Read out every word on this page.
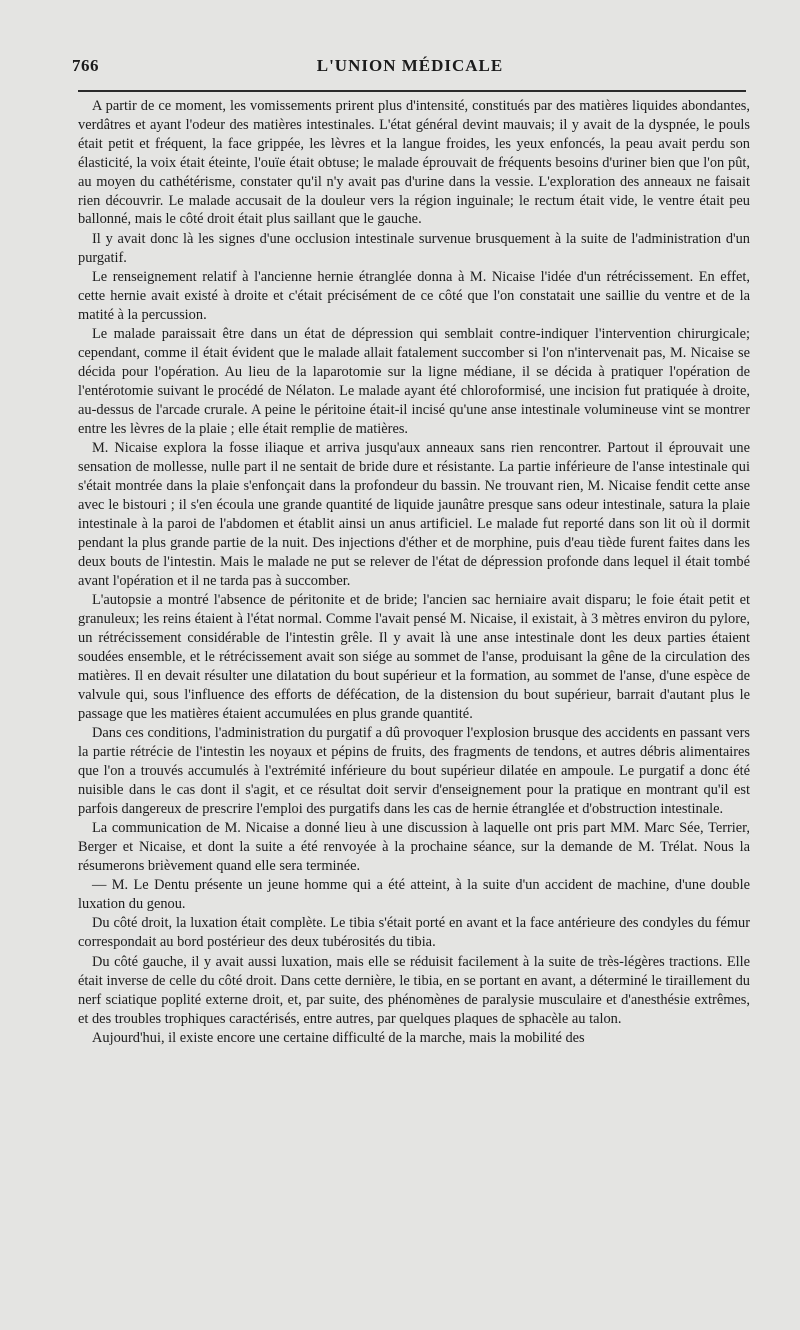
766	L'UNION MÉDICALE

A partir de ce moment, les vomissements prirent plus d'intensité, constitués par des matières liquides abondantes, verdâtres et ayant l'odeur des matières intestinales. L'état général devint mauvais; il y avait de la dyspnée, le pouls était petit et fréquent, la face grippée, les lèvres et la langue froides, les yeux enfoncés, la peau avait perdu son élasticité, la voix était éteinte, l'ouïe était obtuse; le malade éprouvait de fréquents besoins d'uriner bien que l'on pût, au moyen du cathétérisme, constater qu'il n'y avait pas d'urine dans la vessie. L'exploration des anneaux ne faisait rien découvrir. Le malade accusait de la douleur vers la région inguinale; le rectum était vide, le ventre était peu ballonné, mais le côté droit était plus saillant que le gauche.

Il y avait donc là les signes d'une occlusion intestinale survenue brusquement à la suite de l'administration d'un purgatif.

Le renseignement relatif à l'ancienne hernie étranglée donna à M. Nicaise l'idée d'un rétrécissement. En effet, cette hernie avait existé à droite et c'était précisément de ce côté que l'on constatait une saillie du ventre et de la matité à la percussion.

Le malade paraissait être dans un état de dépression qui semblait contre-indiquer l'intervention chirurgicale; cependant, comme il était évident que le malade allait fatalement succomber si l'on n'intervenait pas, M. Nicaise se décida pour l'opération. Au lieu de la laparotomie sur la ligne médiane, il se décida à pratiquer l'opération de l'entérotomie suivant le procédé de Nélaton. Le malade ayant été chloroformisé, une incision fut pratiquée à droite, au-dessus de l'arcade crurale. A peine le péritoine était-il incisé qu'une anse intestinale volumineuse vint se montrer entre les lèvres de la plaie ; elle était remplie de matières.

M. Nicaise explora la fosse iliaque et arriva jusqu'aux anneaux sans rien rencontrer. Partout il éprouvait une sensation de mollesse, nulle part il ne sentait de bride dure et résistante. La partie inférieure de l'anse intestinale qui s'était montrée dans la plaie s'enfonçait dans la profondeur du bassin. Ne trouvant rien, M. Nicaise fendit cette anse avec le bistouri ; il s'en écoula une grande quantité de liquide jaunâtre presque sans odeur intestinale, satura la plaie intestinale à la paroi de l'abdomen et établit ainsi un anus artificiel. Le malade fut reporté dans son lit où il dormit pendant la plus grande partie de la nuit. Des injections d'éther et de morphine, puis d'eau tiède furent faites dans les deux bouts de l'intestin. Mais le malade ne put se relever de l'état de dépression profonde dans lequel il était tombé avant l'opération et il ne tarda pas à succomber.

L'autopsie a montré l'absence de péritonite et de bride; l'ancien sac herniaire avait disparu; le foie était petit et granuleux; les reins étaient à l'état normal. Comme l'avait pensé M. Nicaise, il existait, à 3 mètres environ du pylore, un rétrécissement considérable de l'intestin grêle. Il y avait là une anse intestinale dont les deux parties étaient soudées ensemble, et le rétrécissement avait son siége au sommet de l'anse, produisant la gêne de la circulation des matières. Il en devait résulter une dilatation du bout supérieur et la formation, au sommet de l'anse, d'une espèce de valvule qui, sous l'influence des efforts de défécation, de la distension du bout supérieur, barrait d'autant plus le passage que les matières étaient accumulées en plus grande quantité.

Dans ces conditions, l'administration du purgatif a dû provoquer l'explosion brusque des accidents en passant vers la partie rétrécie de l'intestin les noyaux et pépins de fruits, des fragments de tendons, et autres débris alimentaires que l'on a trouvés accumulés à l'extrémité inférieure du bout supérieur dilatée en ampoule. Le purgatif a donc été nuisible dans le cas dont il s'agit, et ce résultat doit servir d'enseignement pour la pratique en montrant qu'il est parfois dangereux de prescrire l'emploi des purgatifs dans les cas de hernie étranglée et d'obstruction intestinale.

La communication de M. Nicaise a donné lieu à une discussion à laquelle ont pris part MM. Marc Sée, Terrier, Berger et Nicaise, et dont la suite a été renvoyée à la prochaine séance, sur la demande de M. Trélat. Nous la résumerons brièvement quand elle sera terminée.

— M. Le Dentu présente un jeune homme qui a été atteint, à la suite d'un accident de machine, d'une double luxation du genou.

Du côté droit, la luxation était complète. Le tibia s'était porté en avant et la face antérieure des condyles du fémur correspondait au bord postérieur des deux tubérosités du tibia.

Du côté gauche, il y avait aussi luxation, mais elle se réduisit facilement à la suite de très-légères tractions. Elle était inverse de celle du côté droit. Dans cette dernière, le tibia, en se portant en avant, a déterminé le tiraillement du nerf sciatique poplité externe droit, et, par suite, des phénomènes de paralysie musculaire et d'anesthésie extrêmes, et des troubles trophiques caractérisés, entre autres, par quelques plaques de sphacèle au talon.

Aujourd'hui, il existe encore une certaine difficulté de la marche, mais la mobilité des
